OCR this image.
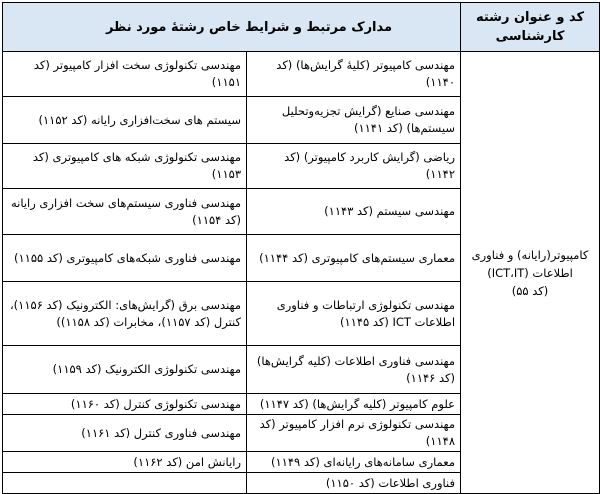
کد و عنوان رشته کارشناسی	مدارک مرتبط و شرایط خاص رشتهٔ مورد نظر	

کامپیوتر(رایانه) و فناوری اطلاعات (ICT،IT)
(کد ۵۵)	مهندسی کامپیوتر (کلیهٔ گرایش‌ها) (کد ۱۱۴۰)	مهندسی تکنولوژی سخت افزار کامپیوتر (کد ۱۱۵۱)
	مهندسی صنایع (گرایش تجزیه‌وتحلیل سیستم‌ها) (کد ۱۱۴۱)	سیستم های سخت‌افزاری رایانه (کد ۱۱۵۲)
	ریاضی (گرایش کاربرد کامپیوتر) (کد ۱۱۴۲)	مهندسی تکنولوژی شبکه های کامپیوتری (کد ۱۱۵۳)
	مهندسی سیستم (کد ۱۱۴۳)	مهندسی فناوری سیستم‌های سخت افزاری رایانه (کد ۱۱۵۴)
	معماری سیستم‌های کامپیوتری (کد ۱۱۴۴)	مهندسی فناوری شبکه‌های کامپیوتری (کد ۱۱۵۵)
	مهندسی تکنولوژی ارتباطات و فناوری اطلاعات ICT (کد ۱۱۴۵)	مهندسی برق (گرایش‌های: الکترونیک (کد ۱۱۵۶)، کنترل (کد ۱۱۵۷)، مخابرات (کد ۱۱۵۸))
	مهندسی فناوری اطلاعات (کلیه گرایش‌ها) (کد ۱۱۴۶)	مهندسی تکنولوژی الکترونیک (کد ۱۱۵۹)
	علوم کامپیوتر (کلیه گرایش‌ها) (کد ۱۱۴۷)	مهندسی تکنولوژی کنترل (کد ۱۱۶۰)
	مهندسی تکنولوژی نرم افزار کامپیوتر (کد ۱۱۴۸)	مهندسی فناوری کنترل (کد ۱۱۶۱)
	معماری سامانه‌های رایانه‌ای (کد ۱۱۴۹)	رایانش امن (کد ۱۱۶۲)
	فناوری اطلاعات (کد ۱۱۵۰)	
